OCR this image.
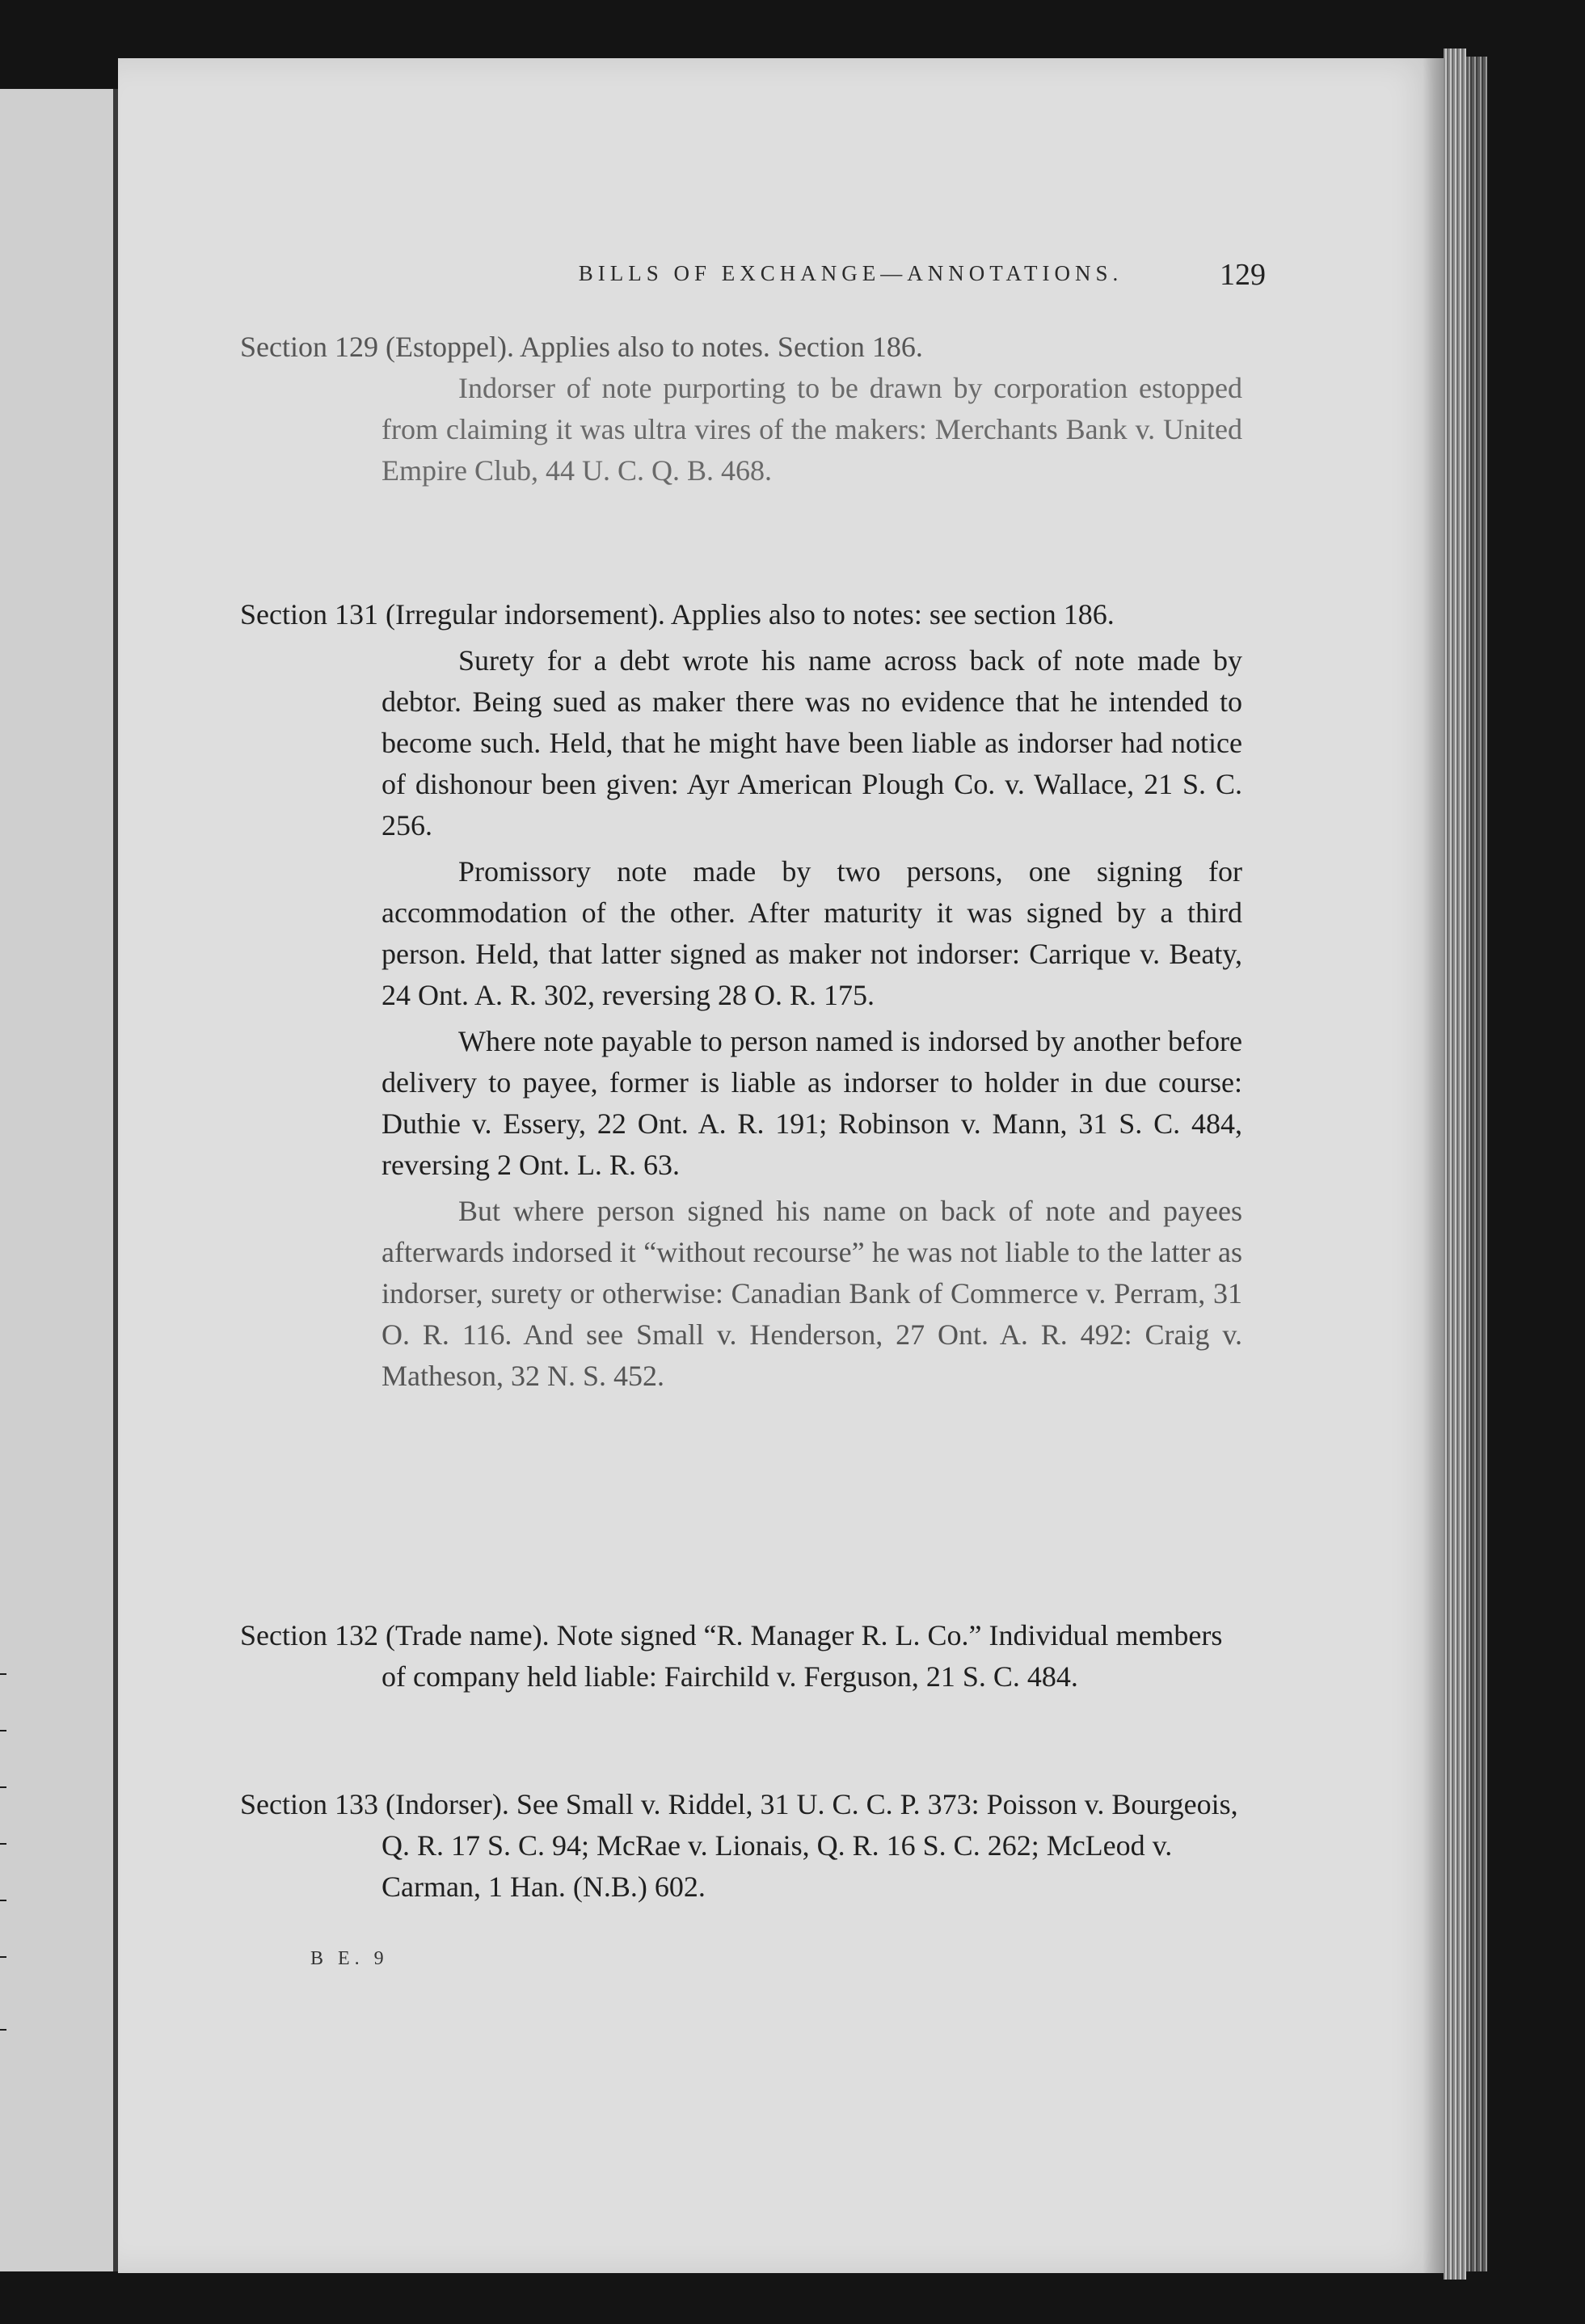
BILLS OF EXCHANGE—ANNOTATIONS.	129
Section 129 (Estoppel). Applies also to notes. Section 186.
Indorser of note purporting to be drawn by corporation estopped from claiming it was ultra vires of the makers: Merchants Bank v. United Empire Club, 44 U. C. Q. B. 468.
Section 131 (Irregular indorsement). Applies also to notes: see section 186.
Surety for a debt wrote his name across back of note made by debtor. Being sued as maker there was no evidence that he intended to become such. Held, that he might have been liable as indorser had notice of dishonour been given: Ayr American Plough Co. v. Wallace, 21 S. C. 256.
Promissory note made by two persons, one signing for accommodation of the other. After maturity it was signed by a third person. Held, that latter signed as maker not indorser: Carrique v. Beaty, 24 Ont. A. R. 302, reversing 28 O. R. 175.
Where note payable to person named is indorsed by another before delivery to payee, former is liable as indorser to holder in due course: Duthie v. Essery, 22 Ont. A. R. 191; Robinson v. Mann, 31 S. C. 484, reversing 2 Ont. L. R. 63.
But where person signed his name on back of note and payees afterwards indorsed it “without recourse” he was not liable to the latter as indorser, surety or otherwise: Canadian Bank of Commerce v. Perram, 31 O. R. 116. And see Small v. Henderson, 27 Ont. A. R. 492: Craig v. Matheson, 32 N. S. 452.
Section 132 (Trade name). Note signed “R. Manager R. L. Co.” Individual members of company held liable: Fairchild v. Ferguson, 21 S. C. 484.
Section 133 (Indorser). See Small v. Riddel, 31 U. C. C. P. 373: Poisson v. Bourgeois, Q. R. 17 S. C. 94; McRae v. Lionais, Q. R. 16 S. C. 262; McLeod v. Carman, 1 Han. (N.B.) 602.
B E. 9
